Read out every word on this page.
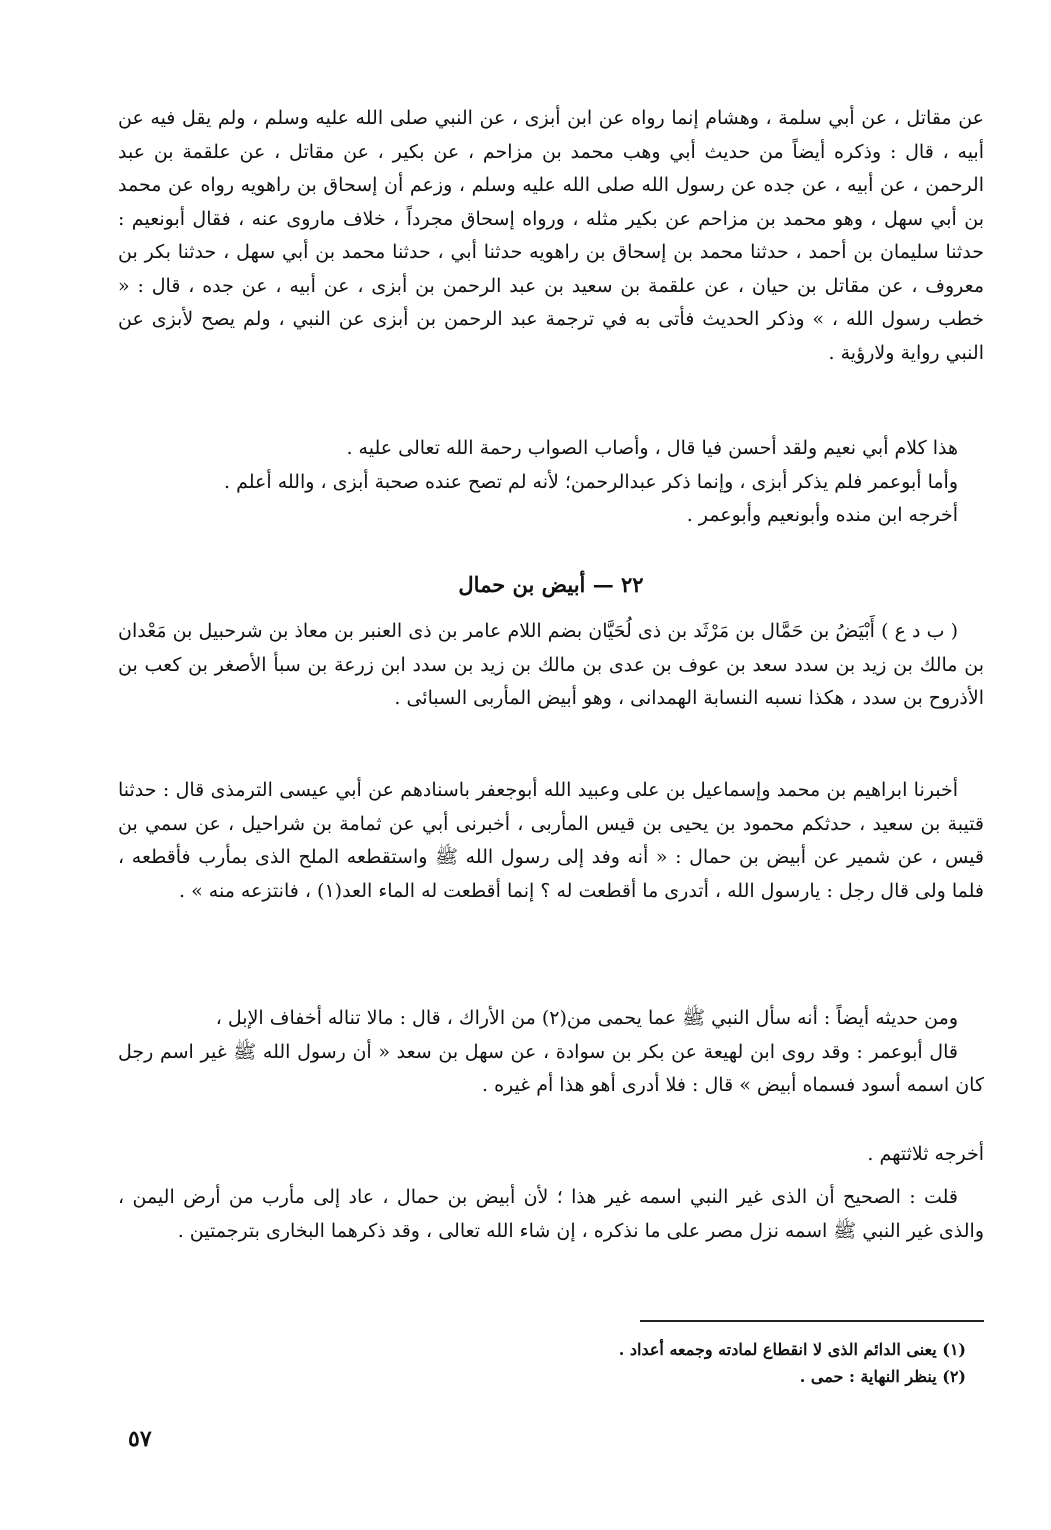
عن مقاتل ، عن أبي سلمة ، وهشام إنما رواه عن ابن أبزى ، عن النبي صلى الله عليه وسلم ، ولم يقل فيه عن أبيه ، قال : وذكره أيضاً من حديث أبي وهب محمد بن مزاحم ، عن بكير ، عن مقاتل ، عن علقمة بن عبد الرحمن ، عن أبيه ، عن جده عن رسول الله صلى الله عليه وسلم ، وزعم أن إسحاق بن راهويه رواه عن محمد بن أبي سهل ، وهو محمد بن مزاحم عن بكير مثله ، ورواه إسحاق مجرداً ، خلاف ماروى عنه ، فقال أبونعيم : حدثنا سليمان بن أحمد ، حدثنا محمد بن إسحاق بن راهويه حدثنا أبي ، حدثنا محمد بن أبي سهل ، حدثنا بكر بن معروف ، عن مقاتل بن حيان ، عن علقمة بن سعيد بن عبد الرحمن بن أبزى ، عن أبيه ، عن جده ، قال : « خطب رسول الله ، » وذكر الحديث فأتى به في ترجمة عبد الرحمن بن أبزى عن النبي ، ولم يصح لأبزى عن النبي رواية ولارؤية .

هذا كلام أبي نعيم ولقد أحسن فيا قال ، وأصاب الصواب رحمة الله تعالى عليه .

وأما أبوعمر فلم يذكر أبزى ، وإنما ذكر عبدالرحمن؛ لأنه لم تصح عنده صحبة أبزى ، والله أعلم .

أخرجه ابن منده وأبونعيم وأبوعمر .

٢٢ — أبيض بن حمال

( ب د ع ) أَبْيَضُ بن حَمَّال بن مَرْثَد بن ذى لُحَيَّان بضم اللام عامر بن ذى العنبر بن معاذ بن شرحبيل بن مَعْدان بن مالك بن زيد بن سدد سعد بن عوف بن عدى بن مالك بن زيد بن سدد ابن زرعة بن سبأ الأصغر بن كعب بن الأذروح بن سدد ، هكذا نسبه النسابة الهمدانى ، وهو أبيض المأربى السبائى .

أخبرنا ابراهيم بن محمد وإسماعيل بن على وعبيد الله أبوجعفر باسنادهم عن أبي عيسى الترمذى قال : حدثنا قتيبة بن سعيد ، حدثكم محمود بن يحيى بن قيس المأربى ، أخبرنى أبي عن ثمامة بن شراحيل ، عن سمي بن قيس ، عن شمير عن أبيض بن حمال : « أنه وفد إلى رسول الله ﷺ واستقطعه الملح الذى بمأرب فأقطعه ، فلما ولى قال رجل : يارسول الله ، أتدرى ما أقطعت له ؟ إنما أقطعت له الماء العد(١) ، فانتزعه منه » .

ومن حديثه أيضاً : أنه سأل النبي ﷺ عما يحمى من(٢) من الأراك ، قال : مالا تناله أخفاف الإبل ،

قال أبوعمر : وقد روى ابن لهيعة عن بكر بن سوادة ، عن سهل بن سعد « أن رسول الله ﷺ غير اسم رجل كان اسمه أسود فسماه أبيض » قال : فلا أدرى أهو هذا أم غيره .

أخرجه ثلاثتهم .

قلت : الصحيح أن الذى غير النبي اسمه غير هذا ؛ لأن أبيض بن حمال ، عاد إلى مأرب من أرض اليمن ، والذى غير النبي ﷺ اسمه نزل مصر على ما نذكره ، إن شاء الله تعالى ، وقد ذكرهما البخارى بترجمتين .

(١) يعنى الدائم الذى لا انقطاع لمادته وجمعه أعداد .

(٢) ينظر النهاية : حمى .

٥٧
